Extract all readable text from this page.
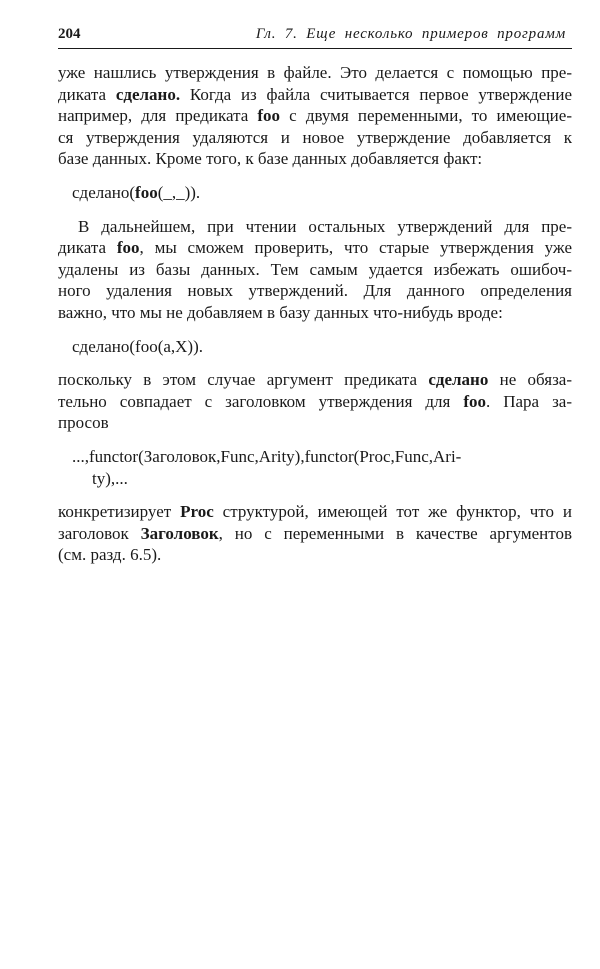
204	Гл. 7. Еще несколько примеров программ
уже нашлись утверждения в файле. Это делается с помощью пре-
диката сделано. Когда из файла считывается первое утверждение
например, для предиката foo с двумя переменными, то имеющие-
ся утверждения удаляются и новое утверждение добавляется к
базе данных. Кроме того, к базе данных добавляется факт:
сделано(foo(_,_)).
В дальнейшем, при чтении остальных утверждений для пре-
диката foo, мы сможем проверить, что старые утверждения уже
удалены из базы данных. Тем самым удается избежать ошибоч-
ного удаления новых утверждений. Для данного определения
важно, что мы не добавляем в базу данных что-нибудь вроде:
сделано(foo(a,X)).
поскольку в этом случае аргумент предиката сделано не обяза-
тельно совпадает с заголовком утверждения для foo. Пара за-
просов
...,functor(Заголовок,Func,Arity),functor(Proc,Func,Ari-
ty),...
конкретизирует Proc структурой, имеющей тот же функтор, что и
заголовок Заголовок, но с переменными в качестве аргументов
(см. разд. 6.5).
